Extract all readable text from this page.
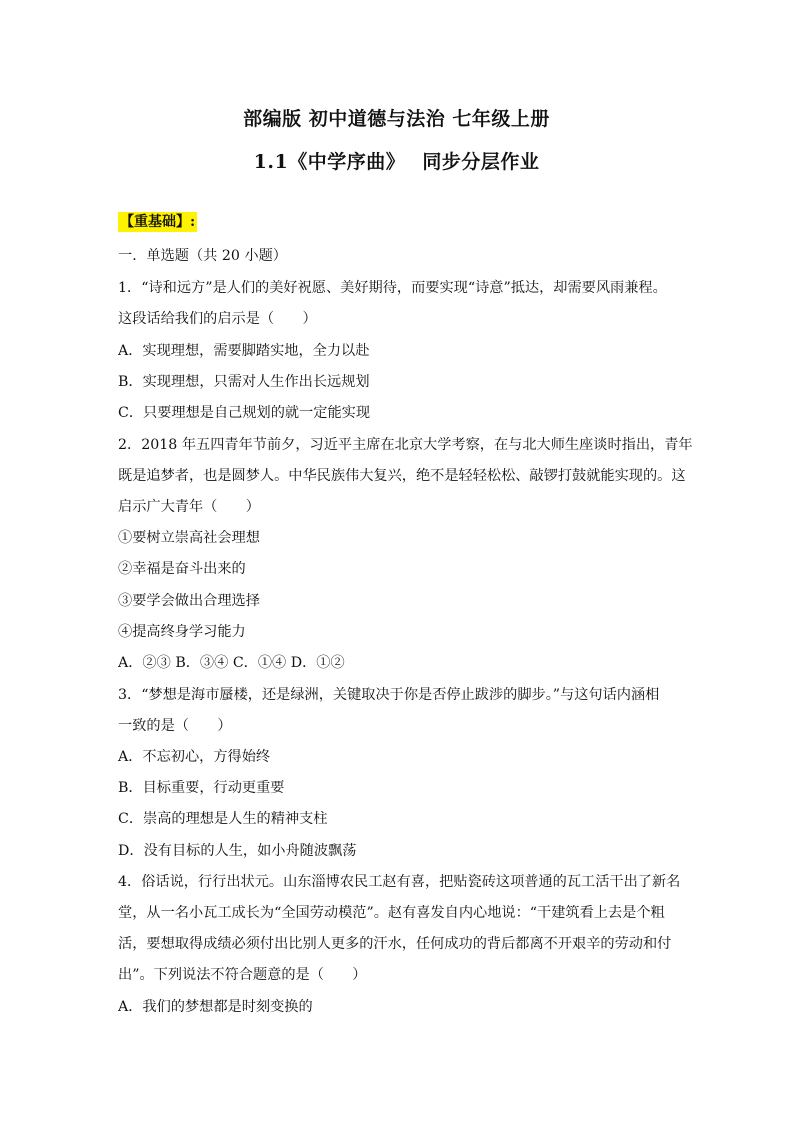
部编版 初中道德与法治 七年级上册
1.1《中学序曲》　 同步分层作业
【重基础】:
一．单选题（共 20 小题）
1．“诗和远方”是人们的美好祝愿、美好期待，而要实现“诗意”抵达，却需要风雨兼程。
这段话给我们的启示是（　　）
A．实现理想，需要脚踏实地，全力以赴
B．实现理想，只需对人生作出长远规划
C．只要理想是自己规划的就一定能实现
2．2018 年五四青年节前夕，习近平主席在北京大学考察，在与北大师生座谈时指出，青年
既是追梦者，也是圆梦人。中华民族伟大复兴，绝不是轻轻松松、敲锣打鼓就能实现的。这
启示广大青年（　　）
①要树立崇高社会理想
②幸福是奋斗出来的
③要学会做出合理选择
④提高终身学习能力
A．②③ B．③④ C．①④ D．①②
3．“梦想是海市蜃楼，还是绿洲，关键取决于你是否停止跋涉的脚步。”与这句话内涵相
一致的是（　　）
A．不忘初心，方得始终
B．目标重要，行动更重要
C．崇高的理想是人生的精神支柱
D．没有目标的人生，如小舟随波飘荡
4．俗话说，行行出状元。山东淄博农民工赵有喜，把贴瓷砖这项普通的瓦工活干出了新名
堂，从一名小瓦工成长为“全国劳动模范”。赵有喜发自内心地说：“干建筑看上去是个粗
活，要想取得成绩必须付出比别人更多的汗水，任何成功的背后都离不开艰辛的劳动和付
出”。下列说法不符合题意的是（　　）
A．我们的梦想都是时刻变换的
